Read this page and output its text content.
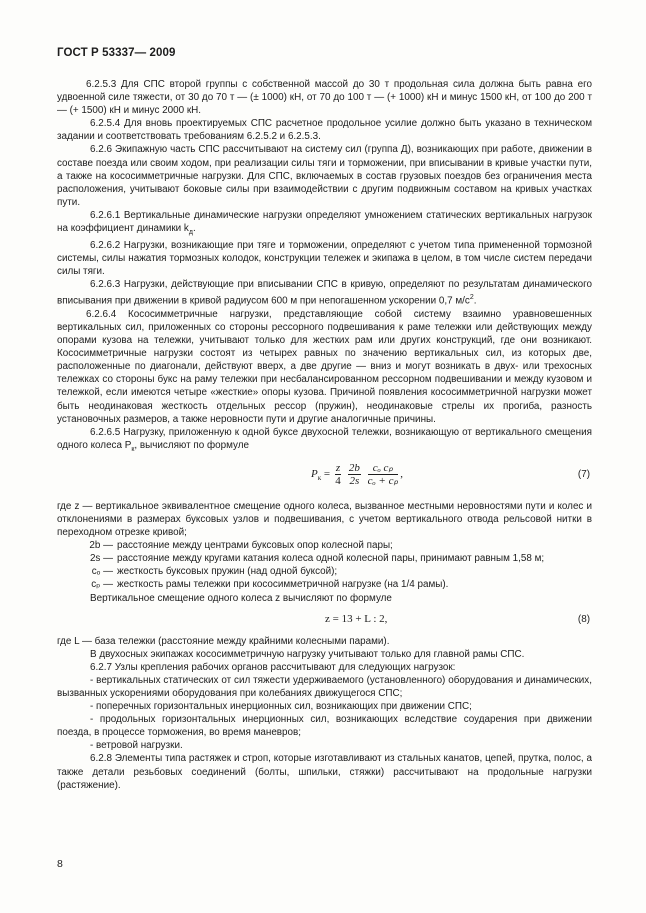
ГОСТ Р 53337— 2009

6.2.5.3 Для СПС второй группы с собственной массой до 30 т продольная сила должна быть равна его удвоенной силе тяжести, от 30 до 70 т — (± 1000) кН, от 70 до 100 т — (+ 1000) кН и минус 1500 кН, от 100 до 200 т — (+ 1500) кН и минус 2000 кН.

6.2.5.4 Для вновь проектируемых СПС расчетное продольное усилие должно быть указано в техническом задании и соответствовать требованиям 6.2.5.2 и 6.2.5.3.

6.2.6 Экипажную часть СПС рассчитывают на систему сил (группа Д), возникающих при работе, движении в составе поезда или своим ходом, при реализации силы тяги и торможении, при вписывании в кривые участки пути, а также на кососимметричные нагрузки. Для СПС, включаемых в состав грузовых поездов без ограничения места расположения, учитывают боковые силы при взаимодействии с другим подвижным составом на кривых участках пути.

6.2.6.1 Вертикальные динамические нагрузки определяют умножением статических вертикальных нагрузок на коэффициент динамики $k_д$.

6.2.6.2 Нагрузки, возникающие при тяге и торможении, определяют с учетом типа примененной тормозной системы, силы нажатия тормозных колодок, конструкции тележек и экипажа в целом, в том числе систем передачи силы тяги.

6.2.6.3 Нагрузки, действующие при вписывании СПС в кривую, определяют по результатам динамического вписывания при движении в кривой радиусом 600 м при непогашенном ускорении 0,7 $м/с^2$.

6.2.6.4 Кососимметричные нагрузки, представляющие собой систему взаимно уравновешенных вертикальных сил, приложенных со стороны рессорного подвешивания к раме тележки или действующих между опорами кузова на тележки, учитывают только для жестких рам или других конструкций, где они возникают. Кососимметричные нагрузки состоят из четырех равных по значению вертикальных сил, из которых две, расположенные по диагонали, действуют вверх, а две другие — вниз и могут возникать в двух- или трехосных тележках со стороны букс на раму тележки при несбалансированном рессорном подвешивании и между кузовом и тележкой, если имеются четыре «жесткие» опоры кузова. Причиной появления кососимметричной нагрузки может быть неодинаковая жесткость отдельных рессор (пружин), неодинаковые стрелы их прогиба, разность установочных размеров, а также неровности пути и другие аналогичные причины.

6.2.6.5 Нагрузку, приложенную к одной буксе двухосной тележки, возникающую от вертикального смещения одного колеса $P_к$, вычисляют по формуле

$P_к = \frac{z}{4}$
$\frac{2b}{2s}$
$\frac{\text{cₒ cₚ}}{\text{cₒ + cₚ}}$ ,	(7)

где z — вертикальное эквивалентное смещение одного колеса, вызванное местными неровностями пути и колес и отклонениями в размерах буксовых узлов и подвешивания, с учетом вертикального отвода рельсовой нитки в переходном отрезке кривой;

2b — расстояние между центрами буксовых опор колесной пары;
2s — расстояние между кругами катания колеса одной колесной пары, принимают равным 1,58 м;
cₒ — жесткость буксовых пружин (над одной буксой);
cₚ — жесткость рамы тележки при кососимметричной нагрузке (на 1/4 рамы).

Вертикальное смещение одного колеса z вычисляют по формуле

z = 13 + L : 2,	(8)

где L — база тележки (расстояние между крайними колесными парами).

В двухосных экипажах кососимметричную нагрузку учитывают только для главной рамы СПС.

6.2.7 Узлы крепления рабочих органов рассчитывают для следующих нагрузок:

- вертикальных статических от сил тяжести удерживаемого (установленного) оборудования и динамических, вызванных ускорениями оборудования при колебаниях движущегося СПС;

- поперечных горизонтальных инерционных сил, возникающих при движении СПС;

- продольных горизонтальных инерционных сил, возникающих вследствие соударения при движении поезда, в процессе торможения, во время маневров;

- ветровой нагрузки.

6.2.8 Элементы типа растяжек и строп, которые изготавливают из стальных канатов, цепей, прутка, полос, а также детали резьбовых соединений (болты, шпильки, стяжки) рассчитывают на продольные нагрузки (растяжение).

8
